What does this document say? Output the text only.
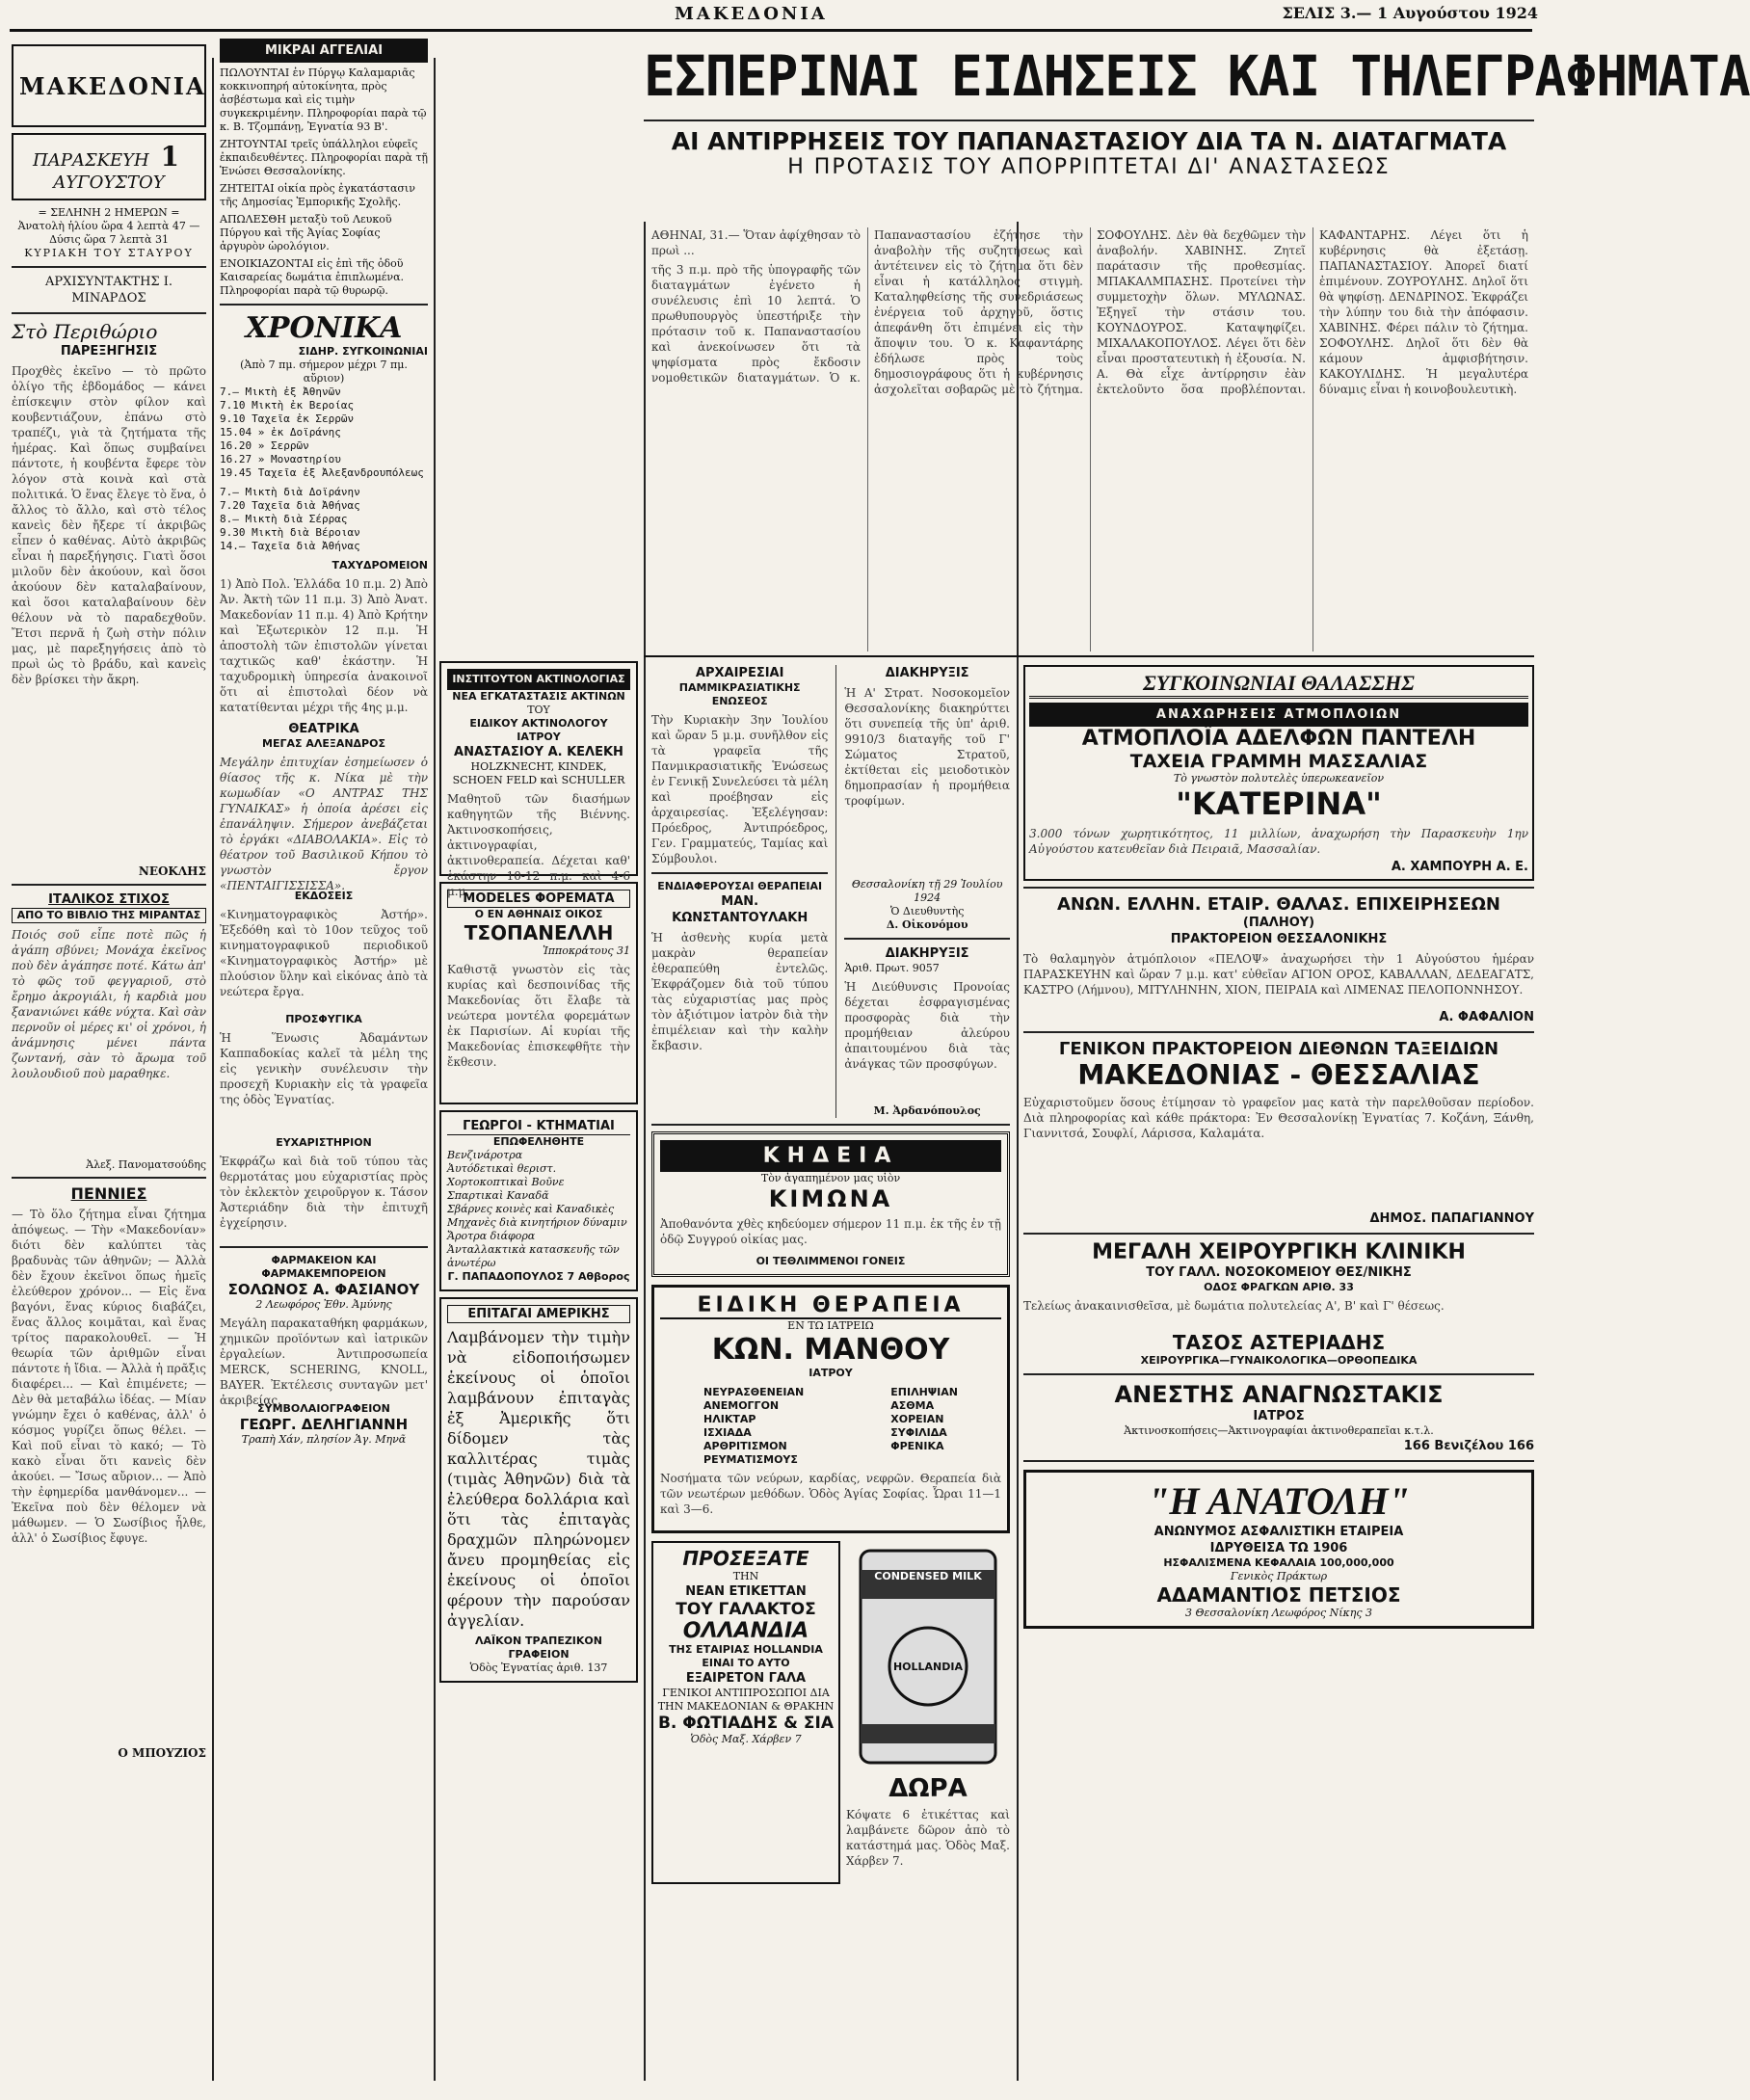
ΜΑΚΕΔΟΝΙΑ	ΣΕΛΙΣ 3.— 1 Αυγούστου 1924
ΜΑΚΕΔΟΝΙΑ
ΠΑΡΑΣΚΕΥΗ 1 ΑΥΓΟΥΣΤΟΥ
= ΣΕΛΗΝΗ 2 ΗΜΕΡΩΝ =
Ἀνατολὴ ἡλίου ὥρα 4 λεπτὰ 47 — Δύσις ὥρα 7 λεπτὰ 31
ΚΥΡΙΑΚΗ ΤΟΥ ΣΤΑΥΡΟΥ
ΑΡΧΙΣΥΝΤΑΚΤΗΣ Ι. ΜΙΝΑΡΔΟΣ
Στὸ Περιθώριο
ΠΑΡΕΞΗΓΗΣΙΣ

Προχθὲς ἐκεῖνο — τὸ πρῶτο ὀλίγο τῆς ἐβδομάδος — κάνει ἐπίσκεψιν στὸν φίλον καὶ κουβεντιάζουν, ἐπάνω στὸ τραπέζι, γιὰ τὰ ζητήματα τῆς ἡμέρας. Καὶ ὅπως συμβαίνει πάντοτε, ἡ κουβέντα ἔφερε τὸν λόγον στὰ κοινὰ καὶ στὰ πολιτικά. Ὁ ἕνας ἔλεγε τὸ ἕνα, ὁ ἄλλος τὸ ἄλλο, καὶ στὸ τέλος κανεὶς δὲν ἤξερε τί ἀκριβῶς εἶπεν ὁ καθένας. Αὐτὸ ἀκριβῶς εἶναι ἡ παρεξήγησις. Γιατὶ ὅσοι μιλοῦν δὲν ἀκούουν, καὶ ὅσοι ἀκούουν δὲν καταλαβαίνουν, καὶ ὅσοι καταλαβαίνουν δὲν θέλουν νὰ τὸ παραδεχθοῦν. Ἔτσι περνᾶ ἡ ζωὴ στὴν πόλιν μας, μὲ παρεξηγήσεις ἀπὸ τὸ πρωὶ ὡς τὸ βράδυ, καὶ κανεὶς δὲν βρίσκει τὴν ἄκρη.

ΝΕΟΚΛΗΣ
ΙΤΑΛΙΚΟΣ ΣΤΙΧΟΣ
ΑΠΟ ΤΟ ΒΙΒΛΙΟ ΤΗΣ ΜΙΡΑΝΤΑΣ

Ποιός σοῦ εἶπε ποτὲ πῶς ἡ ἀγάπη σβύνει; Μονάχα ἐκεῖνος ποὺ δὲν ἀγάπησε ποτέ. Κάτω ἀπ' τὸ φῶς τοῦ φεγγαριοῦ, στὸ ἔρημο ἀκρογιάλι, ἡ καρδιὰ μου ξανανιώνει κάθε νύχτα. Καὶ σὰν περνοῦν οἱ μέρες κι' οἱ χρόνοι, ἡ ἀνάμνησις μένει πάντα ζωντανή, σὰν τὸ ἄρωμα τοῦ λουλουδιοῦ ποὺ μαραθηκε.

Ἀλεξ. Πανοματσούδης
ΠΕΝΝΙΕΣ

— Τὸ ὅλο ζήτημα εἶναι ζήτημα ἀπόψεως. — Τὴν «Μακεδονίαν» διότι δὲν καλύπτει τὰς βραδυνὰς τῶν ἀθηνῶν; — Ἀλλὰ δὲν ἔχουν ἐκεῖνοι ὅπως ἡμεῖς ἐλεύθερον χρόνον... — Εἰς ἕνα βαγόνι, ἕνας κύριος διαβάζει, ἕνας ἄλλος κοιμᾶται, καὶ ἕνας τρίτος παρακολουθεῖ. — Ἡ θεωρία τῶν ἀριθμῶν εἶναι πάντοτε ἡ ἴδια. — Ἀλλὰ ἡ πρᾶξις διαφέρει... — Καὶ ἐπιμένετε; — Δὲν θὰ μεταβάλω ἰδέας. — Μίαν γνώμην ἔχει ὁ καθένας, ἀλλ' ὁ κόσμος γυρίζει ὅπως θέλει. — Καὶ ποῦ εἶναι τὸ κακό; — Τὸ κακὸ εἶναι ὅτι κανεὶς δὲν ἀκούει. — Ἴσως αὔριον... — Ἀπὸ τὴν ἐφημερίδα μανθάνομεν... — Ἐκεῖνα ποὺ δὲν θέλομεν νὰ μάθωμεν. — Ὁ Σωσίβιος ἦλθε, ἀλλ' ὁ Σωσίβιος ἔφυγε.

Ο ΜΠΟΥΖΙΟΣ
ΜΙΚΡΑΙ ΑΓΓΕΛΙΑΙ

ΠΩΛΟΥΝΤΑΙ ἐν Πύργῳ Καλαμαριᾶς κοκκινοπηρή αὐτοκίνητα, πρὸς ἀσβέστωμα καὶ εἰς τιμὴν συγκεκριμένην. Πληροφορίαι παρὰ τῷ κ. Β. Τζομπάνῃ, Ἐγνατία 93 Β'.

ΖΗΤΟΥΝΤΑΙ τρεῖς ὑπάλληλοι εὐφεῖς ἐκπαιδευθέντες. Πληροφορίαι παρὰ τῇ Ἑνώσει Θεσσαλονίκης.

ΖΗΤΕΙΤΑΙ οἰκία πρὸς ἐγκατάστασιν τῆς Δημοσίας Ἐμπορικῆς Σχολῆς.

ΑΠΩΛΕΣΘΗ μεταξὺ τοῦ Λευκοῦ Πύργου καὶ τῆς Ἀγίας Σοφίας ἀργυρὸν ὡρολόγιον.

ΕΝΟΙΚΙΑΖΟΝΤΑΙ εἰς ἐπὶ τῆς ὁδοῦ Καισαρείας δωμάτια ἐπιπλωμένα. Πληροφορίαι παρὰ τῷ θυρωρῷ.

ΧΡΟΝΙΚΑ
ΣΙΔΗΡ. ΣΥΓΚΟΙΝΩΝΙΑΙ
(Ἀπὸ 7 πμ. σήμερον μέχρι 7 πμ. αὔριον)
7.— Μικτὴ ἐξ Ἀθηνῶν
7.10 Μικτὴ ἐκ Βεροίας
9.10 Ταχεῖα ἐκ Σερρῶν
15.04 » ἐκ Δοϊράνης
16.20 » Σερρῶν
16.27 » Μοναστηρίου
19.45 Ταχεῖα ἐξ Ἀλεξανδρουπόλεως
7.— Μικτὴ διὰ Δοϊράνην
7.20 Ταχεῖα διὰ Ἀθήνας
8.— Μικτὴ διὰ Σέρρας
9.30 Μικτὴ διὰ Βέροιαν
14.— Ταχεῖα διὰ Ἀθήνας
ΤΑΧΥΔΡΟΜΕΙΟΝ

1) Ἀπὸ Πολ. Ἑλλάδα 10 π.μ. 2) Ἀπὸ Ἀν. Ἀκτὴ τῶν 11 π.μ. 3) Ἀπὸ Ἀνατ. Μακεδονίαν 11 π.μ. 4) Ἀπὸ Κρήτην καὶ Ἐξωτερικὸν 12 π.μ. Ἡ ἀποστολὴ τῶν ἐπιστολῶν γίνεται ταχτικῶς καθ' ἑκάστην. Ἡ ταχυδρομικὴ ὑπηρεσία ἀνακοινοῖ ὅτι αἱ ἐπιστολαὶ δέον νὰ κατατίθενται μέχρι τῆς 4ης μ.μ.

ΘΕΑΤΡΙΚΑ
ΜΕΓΑΣ ΑΛΕΞΑΝΔΡΟΣ

Μεγάλην ἐπιτυχίαν ἐσημείωσεν ὁ θίασος τῆς κ. Νίκα μὲ τὴν κωμωδίαν «Ο ΑΝΤΡΑΣ ΤΗΣ ΓΥΝΑΙΚΑΣ» ἡ ὁποία ἀρέσει εἰς ἐπανάληψιν. Σήμερον ἀνεβάζεται τὸ ἐργάκι «ΔΙΑΒΟΛΑΚΙΑ». Εἰς τὸ θέατρον τοῦ Βασιλικοῦ Κήπου τὸ γνωστὸν ἔργον «ΠΕΝΤΑΙΓΙΣΣΙΣΣΑ».

ΕΚΔΟΣΕΙΣ

«Κινηματογραφικὸς Ἀστήρ». Ἐξεδόθη καὶ τὸ 10ον τεῦχος τοῦ κινηματογραφικοῦ περιοδικοῦ «Κινηματογραφικὸς Ἀστήρ» μὲ πλούσιον ὕλην καὶ εἰκόνας ἀπὸ τὰ νεώτερα ἔργα.

ΠΡΟΣΦΥΓΙΚΑ

Ἡ Ἕνωσις Ἀδαμάντων Καππαδοκίας καλεῖ τὰ μέλη της εἰς γενικὴν συνέλευσιν τὴν προσεχῆ Κυριακὴν εἰς τὰ γραφεῖα της ὁδὸς Ἐγνατίας.

ΕΥΧΑΡΙΣΤΗΡΙΟΝ

Ἐκφράζω καὶ διὰ τοῦ τύπου τὰς θερμοτάτας μου εὐχαριστίας πρὸς τὸν ἐκλεκτὸν χειροῦργον κ. Τάσον Ἀστεριάδην διὰ τὴν ἐπιτυχῆ ἐγχείρησιν.

ΦΑΡΜΑΚΕΙΟΝ ΚΑΙ ΦΑΡΜΑΚΕΜΠΟΡΕΙΟΝ
ΣΟΛΩΝΟΣ Α. ΦΑΣΙΑΝΟΥ
2 Λεωφόρος Ἐθν. Ἀμύνης

Μεγάλη παρακαταθήκη φαρμάκων, χημικῶν προϊόντων καὶ ἰατρικῶν ἐργαλείων. Ἀντιπροσωπεία MERCK, SCHERING, KNOLL, BAYER. Ἐκτέλεσις συνταγῶν μετ' ἀκριβείας.

ΣΥΜΒΟΛΑΙΟΓΡΑΦΕΙΟΝ
ΓΕΩΡΓ. ΔΕΛΗΓΙΑΝΝΗ
Τραπὴ Χάν, πλησίον Ἁγ. Μηνᾶ
ΙΝΣΤΙΤΟΥΤΟΝ ΑΚΤΙΝΟΛΟΓΙΑΣ
ΝΕΑ ΕΓΚΑΤΑΣΤΑΣΙΣ ΑΚΤΙΝΩΝ
ΤΟΥ
ΕΙΔΙΚΟΥ ΑΚΤΙΝΟΛΟΓΟΥ ΙΑΤΡΟΥ
ΑΝΑΣΤΑΣΙΟΥ Α. ΚΕΛΕΚΗ
HOLZKNECHT, KINDEK, SCHOEN FELD καὶ SCHULLER

Μαθητοῦ τῶν διασήμων καθηγητῶν τῆς Βιέννης. Ἀκτινοσκοπήσεις, ἀκτινογραφίαι, ἀκτινοθεραπεία. Δέχεται καθ' ἑκάστην 10-12 π.μ. καὶ 4-6 μ.μ.

MODELES ΦΟΡΕΜΑΤΑ
Ο ΕΝ ΑΘΗΝΑΙΣ ΟΙΚΟΣ
ΤΣΟΠΑΝΕΛΛΗ
Ἱπποκράτους 31

Καθιστᾷ γνωστὸν εἰς τὰς κυρίας καὶ δεσποινίδας τῆς Μακεδονίας ὅτι ἔλαβε τὰ νεώτερα μοντέλα φορεμάτων ἐκ Παρισίων. Αἱ κυρίαι τῆς Μακεδονίας ἐπισκεφθῆτε τὴν ἔκθεσιν.

ΓΕΩΡΓΟΙ - ΚΤΗΜΑΤΙΑΙ
ΕΠΩΦΕΛΗΘΗΤΕ
Βενζινάροτρα
Ἀυτόδετικαὶ θεριστ.
Χορτοκοπτικαὶ Βοῦνε
Σπαρτικαὶ Καναδᾶ
Σβάρνες κοινὲς καὶ Καναδικὲς
Μηχανὲς διὰ κινητήριον δύναμιν
Ἄροτρα διάφορα
Ἀνταλλακτικὰ κατασκευῆς τῶν ἀνωτέρω
Γ. ΠΑΠΑΔΟΠΟΥΛΟΣ 7 Αθβορος
ΕΠΙΤΑΓΑΙ ΑΜΕΡΙΚΗΣ

Λαμβάνομεν τὴν τιμὴν νὰ εἰδοποιήσωμεν ἐκείνους οἱ ὁποῖοι λαμβάνουν ἐπιταγὰς ἐξ Ἀμερικῆς ὅτι δίδομεν τὰς καλλιτέρας τιμὰς (τιμὰς Ἀθηνῶν) διὰ τὰ ἐλεύθερα δολλάρια καὶ ὅτι τὰς ἐπιταγὰς δραχμῶν πληρώνομεν ἄνευ προμηθείας εἰς ἐκείνους οἱ ὁποῖοι φέρουν τὴν παρούσαν ἀγγελίαν.

ΛΑΪΚΟΝ ΤΡΑΠΕΖΙΚΟΝ ΓΡΑΦΕΙΟΝ
Ὁδὸς Ἐγνατίας ἀριθ. 137
ΕΣΠΕΡΙΝΑΙ ΕΙΔΗΣΕΙΣ ΚΑΙ ΤΗΛΕΓΡΑΦΗΜΑΤΑ
ΑΙ ΑΝΤΙΡΡΗΣΕΙΣ ΤΟΥ ΠΑΠΑΝΑΣΤΑΣΙΟΥ ΔΙΑ ΤΑ Ν. ΔΙΑΤΑΓΜΑΤΑ
Η ΠΡΟΤΑΣΙΣ ΤΟΥ ΑΠΟΡΡΙΠΤΕΤΑΙ ΔΙ' ΑΝΑΣΤΑΣΕΩΣ

ΑΘΗΝΑΙ, 31.— Ὅταν ἀφίχθησαν τὸ πρωὶ ...

τῆς 3 π.μ. πρὸ τῆς ὑπογραφῆς τῶν διαταγμάτων ἐγένετο ἡ συνέλευσις ἐπὶ 10 λεπτά. Ὁ πρωθυπουργὸς ὑπεστήριξε τὴν πρότασιν τοῦ κ. Παπαναστασίου καὶ ἀνεκοίνωσεν ὅτι τὰ ψηφίσματα πρὸς ἔκδοσιν νομοθετικῶν διαταγμάτων. Ὁ κ. Παπαναστασίου ἐζήτησε τὴν ἀναβολὴν τῆς συζητήσεως καὶ ἀντέτεινεν εἰς τὸ ζήτημα ὅτι δὲν εἶναι ἡ κατάλληλος στιγμὴ. Καταληφθείσης τῆς συνεδριάσεως ἐνέργεια τοῦ ἀρχηγοῦ, ὅστις ἀπεφάνθη ὅτι ἐπιμένει εἰς τὴν ἄποψιν του. Ὁ κ. Καφαντάρης ἐδήλωσε πρὸς τοὺς δημοσιογράφους ὅτι ἡ κυβέρνησις ἀσχολεῖται σοβαρῶς μὲ τὸ ζήτημα. ΣΟΦΟΥΛΗΣ. Δὲν θὰ δεχθῶμεν τὴν ἀναβολήν. ΧΑΒΙΝΗΣ. Ζητεῖ παράτασιν τῆς προθεσμίας. ΜΠΑΚΑΛΜΠΑΣΗΣ. Προτείνει τὴν συμμετοχὴν ὅλων. ΜΥΛΩΝΑΣ. Ἐξηγεῖ τὴν στάσιν του. ΚΟΥΝΔΟΥΡΟΣ. Καταψηφίζει. ΜΙΧΑΛΑΚΟΠΟΥΛΟΣ. Λέγει ὅτι δὲν εἶναι προστατευτικὴ ἡ ἐξουσία. Ν. Α. Θὰ εἶχε ἀντίρρησιν ἐὰν ἐκτελοῦντο ὅσα προβλέπονται. ΚΑΦΑΝΤΑΡΗΣ. Λέγει ὅτι ἡ κυβέρνησις θὰ ἐξετάσῃ. ΠΑΠΑΝΑΣΤΑΣΙΟΥ. Ἀπορεῖ διατί ἐπιμένουν. ΖΟΥΡΟΥΛΗΣ. Δηλοῖ ὅτι θὰ ψηφίσῃ. ΔΕΝΔΡΙΝΟΣ. Ἐκφράζει τὴν λύπην του διὰ τὴν ἀπόφασιν. ΧΑΒΙΝΗΣ. Φέρει πάλιν τὸ ζήτημα. ΣΟΦΟΥΛΗΣ. Δηλοῖ ὅτι δὲν θὰ κάμουν ἀμφισβήτησιν. ΚΑΚΟΥΛΙΔΗΣ. Ἡ μεγαλυτέρα δύναμις εἶναι ἡ κοινοβουλευτικὴ.

ΑΡΧΑΙΡΕΣΙΑΙ
ΠΑΜΜΙΚΡΑΣΙΑΤΙΚΗΣ ΕΝΩΣΕΟΣ

Τὴν Κυριακὴν 3ην Ἰουλίου καὶ ὥραν 5 μ.μ. συνῆλθον εἰς τὰ γραφεῖα τῆς Πανμικρασιατικῆς Ἑνώσεως ἐν Γενικῇ Συνελεύσει τὰ μέλη καὶ προέβησαν εἰς ἀρχαιρεσίας. Ἐξελέγησαν: Πρόεδρος, Ἀντιπρόεδρος, Γεν. Γραμματεύς, Ταμίας καὶ Σύμβουλοι.

ΕΝΔΙΑΦΕΡΟΥΣΑΙ ΘΕΡΑΠΕΙΑΙ
ΜΑΝ. ΚΩΝΣΤΑΝΤΟΥΛΑΚΗ

Ἡ ἀσθενὴς κυρία μετὰ μακρὰν θεραπείαν ἐθεραπεύθη ἐντελῶς. Ἐκφράζομεν διὰ τοῦ τύπου τὰς εὐχαριστίας μας πρὸς τὸν ἀξιότιμον ἰατρὸν διὰ τὴν ἐπιμέλειαν καὶ τὴν καλὴν ἔκβασιν.

ΔΙΑΚΗΡΥΞΙΣ

Ἡ Α' Στρατ. Νοσοκομεῖον Θεσσαλονίκης διακηρύττει ὅτι συνεπείᾳ τῆς ὑπ' ἀριθ. 9910/3 διαταγῆς τοῦ Γ' Σώματος Στρατοῦ, ἐκτίθεται εἰς μειοδοτικὸν δημοπρασίαν ἡ προμήθεια τροφίμων.

Θεσσαλονίκη τῇ 29 Ἰουλίου 1924
Ὁ Διευθυντὴς
Δ. Οἰκονόμου
ΔΙΑΚΗΡΥΞΙΣ
Ἀριθ. Πρωτ. 9057

Ἡ Διεύθυνσις Προνοίας δέχεται ἐσφραγισμένας προσφορὰς διὰ τὴν προμήθειαν ἀλεύρου ἀπαιτουμένου διὰ τὰς ἀνάγκας τῶν προσφύγων.

Μ. Ἀρδανόπουλος
ΚΗΔΕΙΑ
Τὸν ἀγαπημένον μας υἱὸν
ΚΙΜΩΝΑ

Ἀποθανόντα χθὲς κηδεύομεν σήμερον 11 π.μ. ἐκ τῆς ἐν τῇ ὁδῷ Συγγρού οἰκίας μας.

ΟΙ ΤΕΘΛΙΜΜΕΝΟΙ ΓΟΝΕΙΣ
ΕΙΔΙΚΗ ΘΕΡΑΠΕΙΑ
ΕΝ ΤΩ ΙΑΤΡΕΙΩ
ΚΩΝ. ΜΑΝΘΟΥ
ΙΑΤΡΟΥ
ΝΕΥΡΑΣΘΕΝΕΙΑΝ
ΑΝΕΜΟΓΓΟΝ
ΗΛΙΚΤΑΡ
ΙΣΧΙΑΔΑ
ΑΡΘΡΙΤΙΣΜΟΝ
ΡΕΥΜΑΤΙΣΜΟΥΣ
ΕΠΙΛΗΨΙΑΝ
ΑΣΘΜΑ
ΧΟΡΕΙΑΝ
ΣΥΦΙΛΙΔΑ
ΦΡΕΝΙΚΑ

Νοσήματα τῶν νεύρων, καρδίας, νεφρῶν. Θεραπεία διὰ τῶν νεωτέρων μεθόδων. Ὁδὸς Ἁγίας Σοφίας. Ὧραι 11—1 καὶ 3—6.

ΠΡΟΣΕΞΑΤΕ
ΤΗΝ
ΝΕΑΝ ΕΤΙΚΕΤΤΑΝ
ΤΟΥ ΓΑΛΑΚΤΟΣ
ΟΛΛΑΝΔΙΑ
ΤΗΣ ΕΤΑΙΡΙΑΣ HOLLANDIA
ΕΙΝΑΙ ΤΟ ΑΥΤΟ
ΕΞΑΙΡΕΤΟΝ ΓΑΛΑ
ΓΕΝΙΚΟΙ ΑΝΤΙΠΡΟΣΩΠΟΙ ΔΙΑ ΤΗΝ ΜΑΚΕΔΟΝΙΑΝ & ΘΡΑΚΗΝ
Β. ΦΩΤΙΑΔΗΣ & ΣΙΑ
Ὁδὸς Μαξ. Χάρβεν 7
CONDENSED MILK
HOLLANDIA
ΔΩΡΑ

Κόψατε 6 ἐτικέττας καὶ λαμβάνετε δῶρον ἀπὸ τὸ κατάστημά μας. Ὁδὸς Μαξ. Χάρβεν 7.

ΣΥΓΚΟΙΝΩΝΙΑΙ ΘΑΛΑΣΣΗΣ
ΑΝΑΧΩΡΗΣΕΙΣ ΑΤΜΟΠΛΟΙΩΝ
ΑΤΜΟΠΛΟΪΑ ΑΔΕΛΦΩΝ ΠΑΝΤΕΛΗ
ΤΑΧΕΙΑ ΓΡΑΜΜΗ ΜΑΣΣΑΛΙΑΣ
Τὸ γνωστὸν πολυτελὲς ὑπερωκεανεῖον
"ΚΑΤΕΡΙΝΑ"

3.000 τόνων χωρητικότητος, 11 μιλλίων, ἀναχωρήση τὴν Παρασκευὴν 1ην Αὐγούστου κατευθεῖαν διὰ Πειραιᾶ, Μασσαλίαν.

Α. ΧΑΜΠΟΥΡΗ Α. Ε.
ΑΝΩΝ. ΕΛΛΗΝ. ΕΤΑΙΡ. ΘΑΛΑΣ. ΕΠΙΧΕΙΡΗΣΕΩΝ
(ΠΑΛΗΟΥ)
ΠΡΑΚΤΟΡΕΙΟΝ ΘΕΣΣΑΛΟΝΙΚΗΣ

Τὸ θαλαμηγὸν ἀτμόπλοιον «ΠΕΛΟΨ» ἀναχωρήσει τὴν 1 Αὐγούστου ἡμέραν ΠΑΡΑΣΚΕΥΗΝ καὶ ὥραν 7 μ.μ. κατ' εὐθεῖαν ΑΓΙΟΝ ΟΡΟΣ, ΚΑΒΑΛΛΑΝ, ΔΕΔΕΑΓΑΤΣ, ΚΑΣΤΡΟ (Λήμνου), ΜΙΤΥΛΗΝΗΝ, ΧΙΟΝ, ΠΕΙΡΑΙΑ καὶ ΛΙΜΕΝΑΣ ΠΕΛΟΠΟΝΝΗΣΟΥ.

Α. ΦΑΦΑΛΙΟΝ
ΓΕΝΙΚΟΝ ΠΡΑΚΤΟΡΕΙΟΝ ΔΙΕΘΝΩΝ ΤΑΞΕΙΔΙΩΝ
ΜΑΚΕΔΟΝΙΑΣ - ΘΕΣΣΑΛΙΑΣ

Εὐχαριστοῦμεν ὅσους ἐτίμησαν τὸ γραφεῖον μας κατὰ τὴν παρελθοῦσαν περίοδον. Διὰ πληροφορίας καὶ κάθε πράκτορα: Ἐν Θεσσαλονίκῃ Ἐγνατίας 7. Κοζάνη, Ξάνθη, Γιαννιτσά, Σουφλί, Λάρισσα, Καλαμάτα.

ΔΗΜΟΣ. ΠΑΠΑΓΙΑΝΝΟΥ
ΜΕΓΑΛΗ ΧΕΙΡΟΥΡΓΙΚΗ ΚΛΙΝΙΚΗ
ΤΟΥ ΓΑΛΛ. ΝΟΣΟΚΟΜΕΙΟΥ ΘΕΣ/ΝΙΚΗΣ
ΟΔΟΣ ΦΡΑΓΚΩΝ ΑΡΙΘ. 33

Τελείως ἀνακαινισθεῖσα, μὲ δωμάτια πολυτελείας Α', Β' καὶ Γ' θέσεως.

ΤΑΣΟΣ ΑΣΤΕΡΙΑΔΗΣ
ΧΕΙΡΟΥΡΓΙΚΑ—ΓΥΝΑΙΚΟΛΟΓΙΚΑ—ΟΡΘΟΠΕΔΙΚΑ
ΑΝΕΣΤΗΣ ΑΝΑΓΝΩΣΤΑΚΙΣ
ΙΑΤΡΟΣ
Ἀκτινοσκοπήσεις—Ἀκτινογραφίαι ἀκτινοθεραπεῖαι κ.τ.λ.
166 Βενιζέλου 166
"Η ΑΝΑΤΟΛΗ"
ΑΝΩΝΥΜΟΣ ΑΣΦΑΛΙΣΤΙΚΗ ΕΤΑΙΡΕΙΑ
ΙΔΡΥΘΕΙΣΑ ΤΩ 1906
ΗΣΦΑΛΙΣΜΕΝΑ ΚΕΦΑΛΑΙΑ 100,000,000
Γενικὸς Πράκτωρ
ΑΔΑΜΑΝΤΙΟΣ ΠΕΤΣΙΟΣ
3 Θεσσαλονίκη Λεωφόρος Νίκης 3
